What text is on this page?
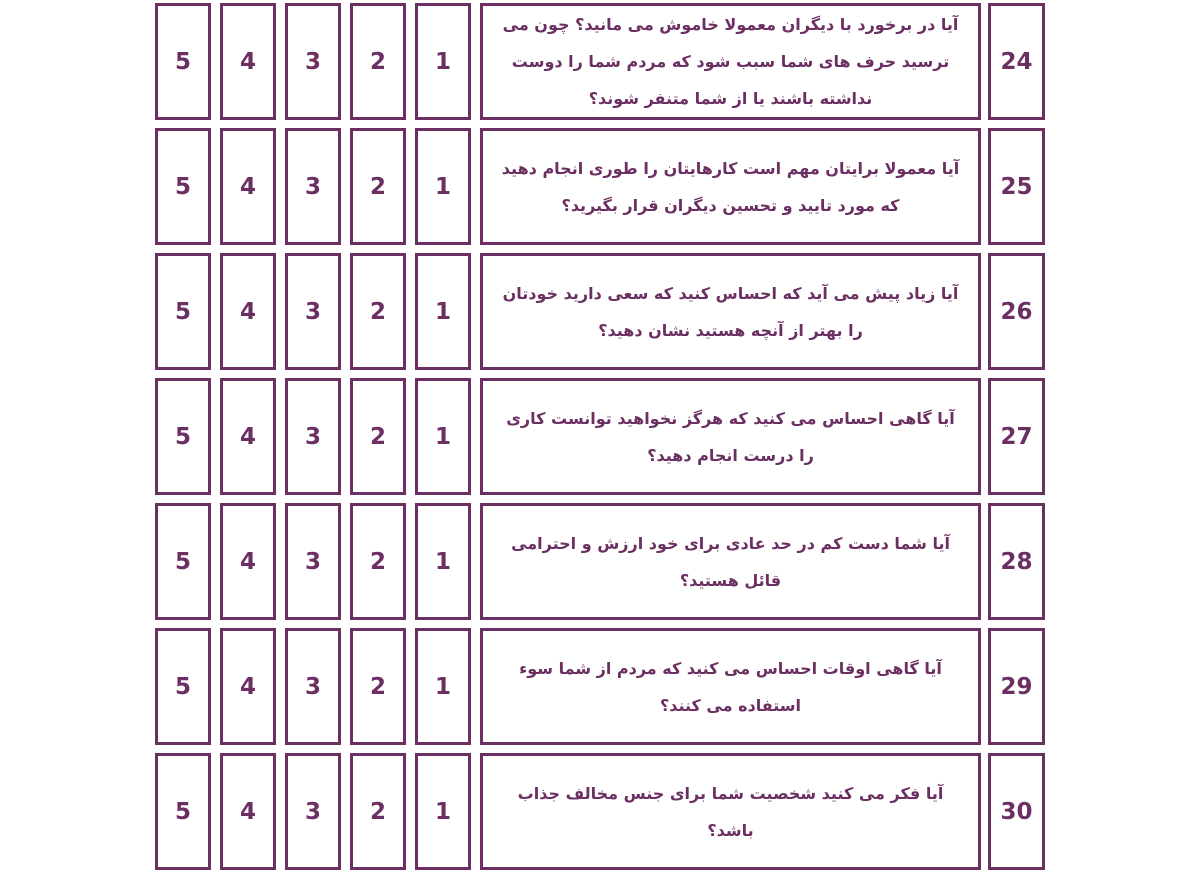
24
آیا در برخورد با دیگران معمولا خاموش می مانید؟ چون می ترسید حرف های شما سبب شود که مردم شما را دوست نداشته باشند یا از شما متنفر شوند؟
1
2
3
4
5
25
آیا معمولا برایتان مهم است کارهایتان را طوری انجام دهید که مورد تایید و تحسین دیگران قرار بگیرید؟
1
2
3
4
5
26
آیا زیاد پیش می آید که احساس کنید که سعی دارید خودتان را بهتر از آنچه هستید نشان دهید؟
1
2
3
4
5
27
آیا گاهی احساس می کنید که هرگز نخواهید توانست کاری را درست انجام دهید؟
1
2
3
4
5
28
آیا شما دست کم در حد عادی برای خود ارزش و احترامی قائل هستید؟
1
2
3
4
5
29
آیا گاهی اوقات احساس می کنید که مردم از شما سوء استفاده می کنند؟
1
2
3
4
5
30
آیا فکر می کنید شخصیت شما برای جنس مخالف جذاب باشد؟
1
2
3
4
5
